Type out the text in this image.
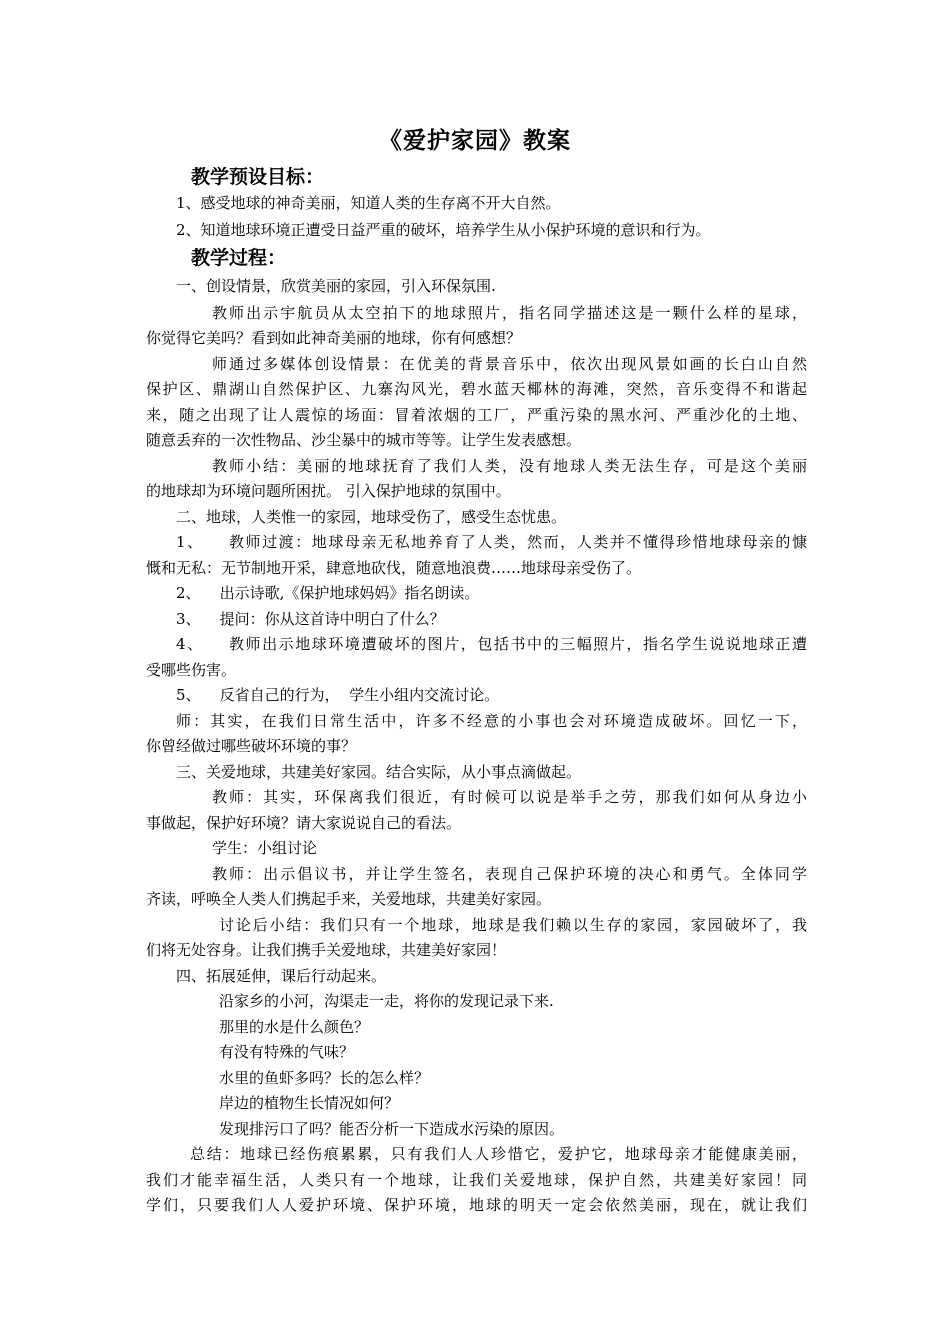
《爱护家园》教案
教学预设目标：
1、感受地球的神奇美丽，知道人类的生存离不开大自然。
2、知道地球环境正遭受日益严重的破坏，培养学生从小保护环境的意识和行为。
教学过程：
一、创设情景，欣赏美丽的家园，引入环保氛围.
教师出示宇航员从太空拍下的地球照片，指名同学描述这是一颗什么样的星球，
你觉得它美吗？看到如此神奇美丽的地球，你有何感想？
师通过多媒体创设情景：在优美的背景音乐中，依次出现风景如画的长白山自然
保护区、鼎湖山自然保护区、九寨沟风光，碧水蓝天椰林的海滩，突然，音乐变得不和谐起
来，随之出现了让人震惊的场面：冒着浓烟的工厂，严重污染的黑水河、严重沙化的土地、
随意丢弃的一次性物品、沙尘暴中的城市等等。让学生发表感想。
教师小结：美丽的地球抚育了我们人类，没有地球人类无法生存，可是这个美丽
的地球却为环境问题所困扰。 引入保护地球的氛围中。
二、地球，人类惟一的家园，地球受伤了，感受生态忧患。
1、    教师过渡：地球母亲无私地养育了人类，然而，人类并不懂得珍惜地球母亲的慷
慨和无私：无节制地开采，肆意地砍伐，随意地浪费……地球母亲受伤了。
2、    出示诗歌,《保护地球妈妈》指名朗读。
3、    提问：你从这首诗中明白了什么？
4、    教师出示地球环境遭破坏的图片，包括书中的三幅照片，指名学生说说地球正遭
受哪些伤害。
5、    反省自己的行为，  学生小组内交流讨论。
师：其实，在我们日常生活中，许多不经意的小事也会对环境造成破坏。回忆一下，
你曾经做过哪些破坏环境的事？
三、关爱地球，共建美好家园。结合实际，从小事点滴做起。
教师：其实，环保离我们很近，有时候可以说是举手之劳，那我们如何从身边小
事做起，保护好环境？请大家说说自己的看法。
学生：小组讨论
教师：出示倡议书，并让学生签名，表现自己保护环境的决心和勇气。全体同学
齐读，呼唤全人类人们携起手来，关爱地球，共建美好家园。
讨论后小结：我们只有一个地球，地球是我们赖以生存的家园，家园破坏了，我
们将无处容身。让我们携手关爱地球，共建美好家园！
四、拓展延伸，课后行动起来。
沿家乡的小河，沟渠走一走，将你的发现记录下来.
那里的水是什么颜色？
有没有特殊的气味？
水里的鱼虾多吗？长的怎么样？
岸边的植物生长情况如何？
发现排污口了吗？能否分析一下造成水污染的原因。
总结：地球已经伤痕累累，只有我们人人珍惜它，爱护它，地球母亲才能健康美丽，
我们才能幸福生活，人类只有一个地球，让我们关爱地球，保护自然，共建美好家园！同
学们，只要我们人人爱护环境、保护环境，地球的明天一定会依然美丽，现在，就让我们
